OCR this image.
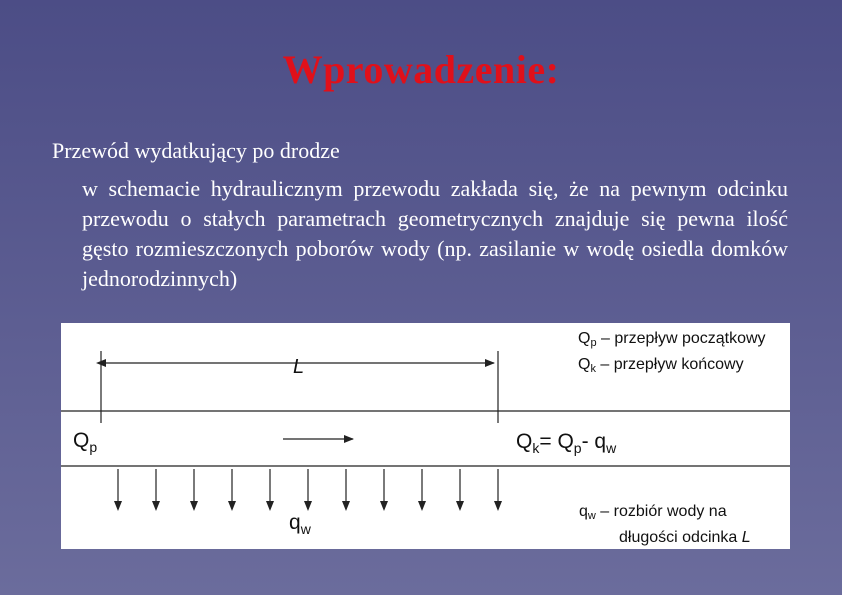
Wprowadzenie:
Przewód wydatkujący po drodze
w schemacie hydraulicznym przewodu zakłada się, że na pewnym odcinku przewodu o stałych parametrach geometrycznych znajduje się pewna ilość gęsto rozmieszczonych poborów wody (np. zasilanie w wodę osiedla domków jednorodzinnych)
L
$Q_p$	$Q_k= Q_p-$ $q_w$
$q_w$
$Q_p$ – przepływ początkowy
$Q_k$ – przepływ końcowy
$q_w$ – rozbiór wody na
długości odcinka L
